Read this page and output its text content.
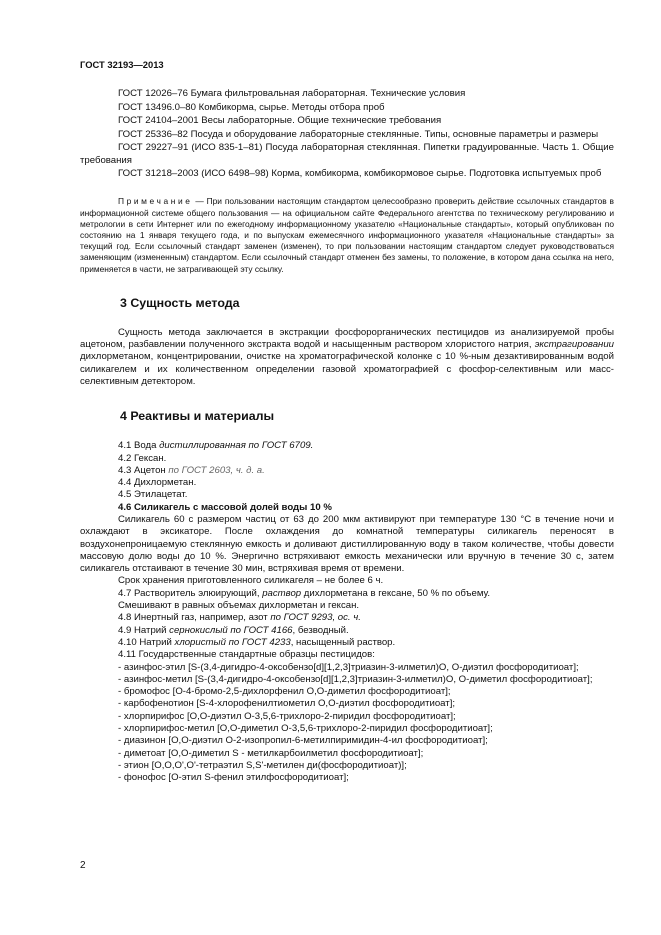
ГОСТ 32193—2013

ГОСТ 12026–76 Бумага фильтровальная лабораторная. Технические условия

ГОСТ 13496.0–80 Комбикорма, сырье. Методы отбора проб

ГОСТ 24104–2001 Весы лабораторные. Общие технические требования

ГОСТ 25336–82 Посуда и оборудование лабораторные стеклянные. Типы, основные параметры и размеры

ГОСТ 29227–91 (ИСО 835-1–81) Посуда лабораторная стеклянная. Пипетки градуированные. Часть 1. Общие требования

ГОСТ 31218–2003 (ИСО 6498–98) Корма, комбикорма, комбикормовое сырье. Подготовка испытуемых проб

Примечание — При пользовании настоящим стандартом целесообразно проверить действие ссылочных стандартов в информационной системе общего пользования — на официальном сайте Федерального агентства по техническому регулированию и метрологии в сети Интернет или по ежегодному информационному указателю «Национальные стандарты», который опубликован по состоянию на 1 января текущего года, и по выпускам ежемесячного информационного указателя «Национальные стандарты» за текущий год. Если ссылочный стандарт заменен (изменен), то при пользовании настоящим стандартом следует руководствоваться заменяющим (измененным) стандартом. Если ссылочный стандарт отменен без замены, то положение, в котором дана ссылка на него, применяется в части, не затрагивающей эту ссылку.

3 Сущность метода

Сущность метода заключается в экстракции фосфорорганических пестицидов из анализируемой пробы ацетоном, разбавлении полученного экстракта водой и насыщенным раствором хлористого натрия, экстрагировании дихлорметаном, концентрировании, очистке на хроматографической колонке с 10 %-ным дезактивированным водой силикагелем и их количественном определении газовой хроматографией с фосфор-селективным или масс-селективным детектором.

4 Реактивы и материалы

4.1 Вода дистиллированная по ГОСТ 6709.

4.2 Гексан.

4.3 Ацетон по ГОСТ 2603, ч. д. а.

4.4 Дихлорметан.

4.5 Этилацетат.

4.6 Силикагель с массовой долей воды 10 %

Силикагель 60 с размером частиц от 63 до 200 мкм активируют при температуре 130 °С в течение ночи и охлаждают в эксикаторе. После охлаждения до комнатной температуры силикагель переносят в воздухонепроницаемую стеклянную емкость и доливают дистиллированную воду в таком количестве, чтобы довести массовую долю воды до 10 %. Энергично встряхивают емкость механически или вручную в течение 30 с, затем силикагель отстаивают в течение 30 мин, встряхивая время от времени.

Срок хранения приготовленного силикагеля – не более 6 ч.

4.7 Растворитель элюирующий, раствор дихлорметана в гексане, 50 % по объему.

Смешивают в равных объемах дихлорметан и гексан.

4.8 Инертный газ, например, азот по ГОСТ 9293, ос. ч.

4.9 Натрий сернокислый по ГОСТ 4166, безводный.

4.10 Натрий хлористый по ГОСТ 4233, насыщенный раствор.

4.11 Государственные стандартные образцы пестицидов:

- азинфос-этил [S-(3,4-дигидро-4-оксобензо[d][1,2,3]триазин-3-илметил)O, O-диэтил фосфородитиоат];

- азинфос-метил [S-(3,4-дигидро-4-оксобензо[d][1,2,3]триазин-3-илметил)O, O-диметил фосфородитиоат];

- бромофос [O-4-бромо-2,5-дихлорфенил O,O-диметил фосфородитиоат];

- карбофенотион [S-4-хлорофенилтиометил O,O-диэтил фосфородитиоат];

- хлорпирифос [O,O-диэтил O-3,5,6-трихлоро-2-пиридил фосфородитиоат];

- хлорпирифос-метил [O,O-диметил O-3,5,6-трихлоро-2-пиридил фосфородитиоат];

- диазинон [O,O-диэтил O-2-изопропил-6-метилпиримидин-4-ил фосфородитиоат];

- диметоат [O,O-диметил S - метилкарбоилметил фосфородитиоат];

- этион [O,O,O',O'-тетраэтил S,S'-метилен ди(фосфородитиоат)];

- фонофос [O-этил S-фенил этилфосфородитиоат];

2
